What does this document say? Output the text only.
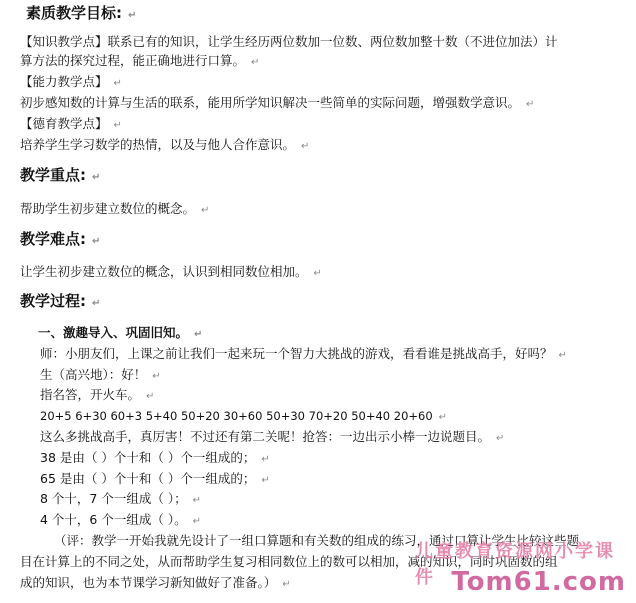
素质教学目标: ↵
【知识教学点】联系已有的知识，让学生经历两位数加一位数、两位数加整十数（不进位加法）计
算方法的探究过程，能正确地进行口算。 ↵
【能力教学点】 ↵
初步感知数的计算与生活的联系，能用所学知识解决一些简单的实际问题，增强数学意识。 ↵
【德育教学点】 ↵
培养学生学习数学的热情，以及与他人合作意识。 ↵
教学重点: ↵
帮助学生初步建立数位的概念。 ↵
教学难点: ↵
让学生初步建立数位的概念，认识到相同数位相加。 ↵
教学过程: ↵
一、激趣导入、巩固旧知。 ↵
师：小朋友们，上课之前让我们一起来玩一个智力大挑战的游戏，看看谁是挑战高手，好吗？ ↵
生（高兴地）：好！ ↵
指名答，开火车。 ↵
20+5 6+30 60+3 5+40 50+20 30+60 50+30 70+20 50+40 20+60 ↵
这么多挑战高手，真厉害！不过还有第二关呢！抢答：一边出示小棒一边说题目。 ↵
38 是由（ ）个十和（ ）个一组成的； ↵
65 是由（ ）个十和（ ）个一组成的； ↵
8 个十，7 个一组成（ ）； ↵
4 个十，6 个一组成（ ）。 ↵
（评：教学一开始我就先设计了一组口算题和有关数的组成的练习，通过口算让学生比较这些题
目在计算上的不同之处，从而帮助学生复习相同数位上的数可以相加，减的知识，同时巩固数的组
成的知识，也为本节课学习新知做好了准备。） ↵
儿童教育资源网小学课件 Tom61.com
